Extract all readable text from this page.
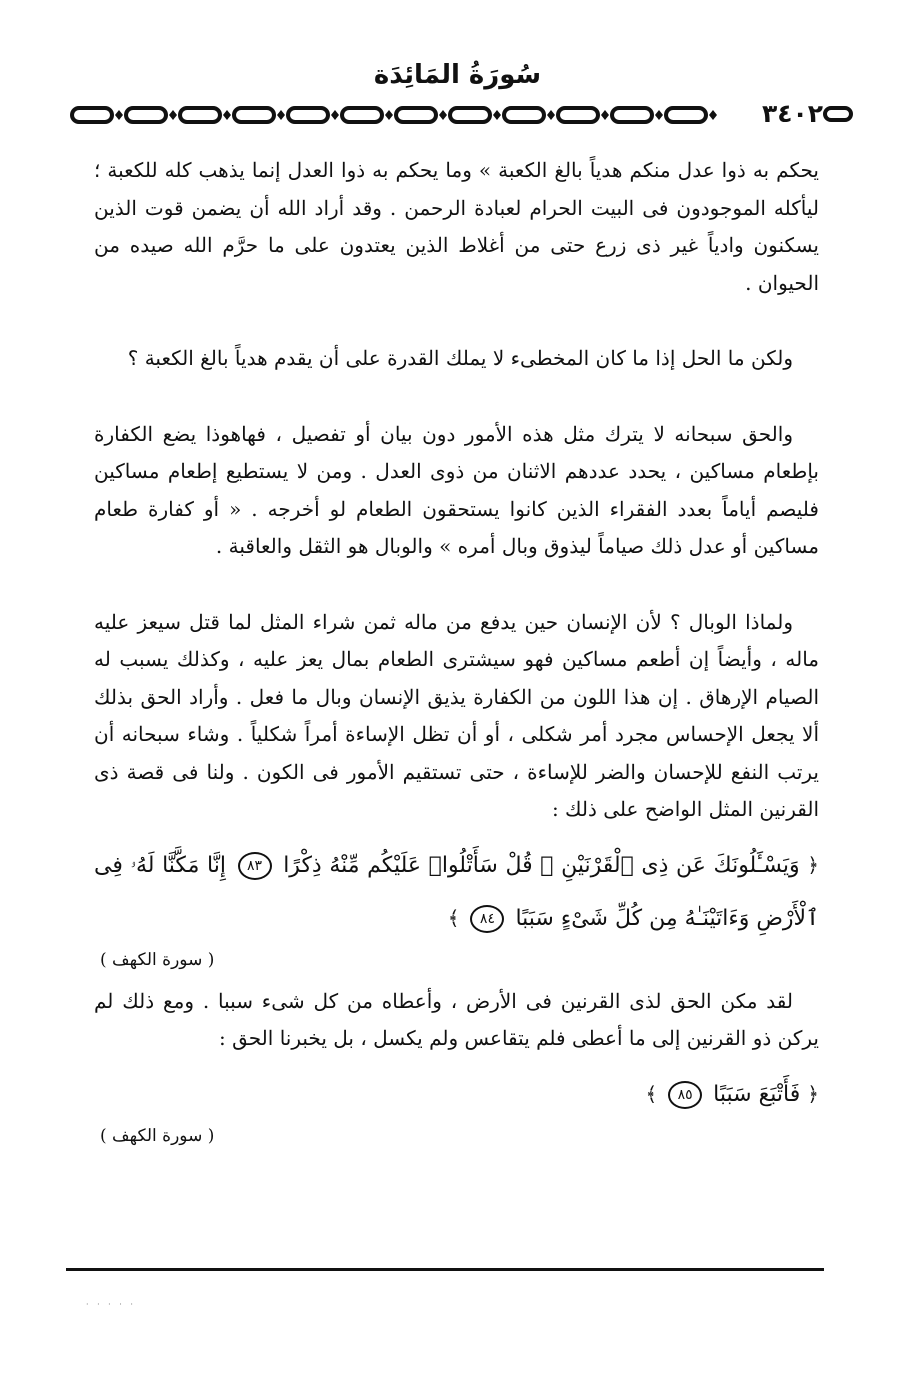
سُورَةُ المَائِدَة
٣٤٠٢

يحكم به ذوا عدل منكم هدياً بالغ الكعبة » وما يحكم به ذوا العدل إنما يذهب كله للكعبة ؛ ليأكله الموجودون فى البيت الحرام لعبادة الرحمن . وقد أراد الله أن يضمن قوت الذين يسكنون وادياً غير ذى زرع حتى من أغلاط الذين يعتدون على ما حرَّم الله صيده من الحيوان .

ولكن ما الحل إذا ما كان المخطىء لا يملك القدرة على أن يقدم هدياً بالغ الكعبة ؟

والحق سبحانه لا يترك مثل هذه الأمور دون بيان أو تفصيل ، فهاهوذا يضع الكفارة بإطعام مساكين ، يحدد عددهم الاثنان من ذوى العدل . ومن لا يستطيع إطعام مساكين فليصم أياماً بعدد الفقراء الذين كانوا يستحقون الطعام لو أخرجه . « أو كفارة طعام مساكين أو عدل ذلك صياماً ليذوق وبال أمره » والوبال هو الثقل والعاقبة .

ولماذا الوبال ؟ لأن الإنسان حين يدفع من ماله ثمن شراء المثل لما قتل سيعز عليه ماله ، وأيضاً إن أطعم مساكين فهو سيشترى الطعام بمال يعز عليه ، وكذلك يسبب له الصيام الإرهاق . إن هذا اللون من الكفارة يذيق الإنسان وبال ما فعل . وأراد الحق بذلك ألا يجعل الإحساس مجرد أمر شكلى ، أو أن تظل الإساءة أمراً شكلياً . وشاء سبحانه أن يرتب النفع للإحسان والضر للإساءة ، حتى تستقيم الأمور فى الكون . ولنا فى قصة ذى القرنين المثل الواضح على ذلك :

﴿ وَيَسْـَٔلُونَكَ عَن ذِى ٱلْقَرْنَيْنِ ۖ قُلْ سَأَتْلُوا۟ عَلَيْكُم مِّنْهُ ذِكْرًا ٨٣ إِنَّا مَكَّنَّا لَهُۥ فِى ٱلْأَرْضِ وَءَاتَيْنَـٰهُ مِن كُلِّ شَىْءٍ سَبَبًا ٨٤ ﴾
( سورة الكهف )

لقد مكن الحق لذى القرنين فى الأرض ، وأعطاه من كل شىء سببا . ومع ذلك لم يركن ذو القرنين إلى ما أعطى فلم يتقاعس ولم يكسل ، بل يخبرنا الحق :

﴿ فَأَتْبَعَ سَبَبًا ٨٥ ﴾
( سورة الكهف )
· · · · ·
